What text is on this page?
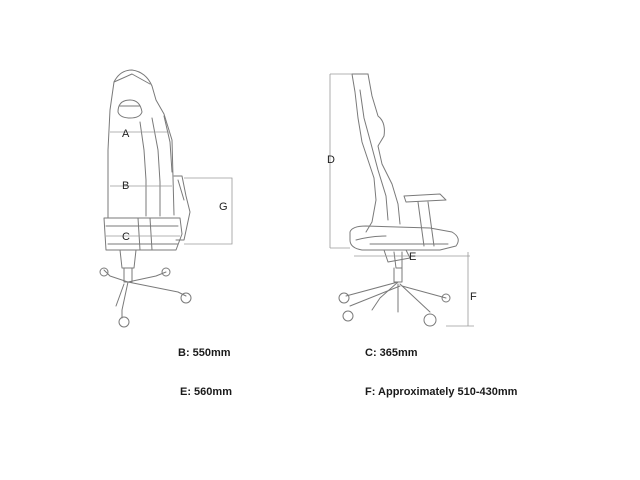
A
B
C
G
D
E
F
B: 550mm	C: 365mm
E: 560mm	F: Approximately 510-430mm
